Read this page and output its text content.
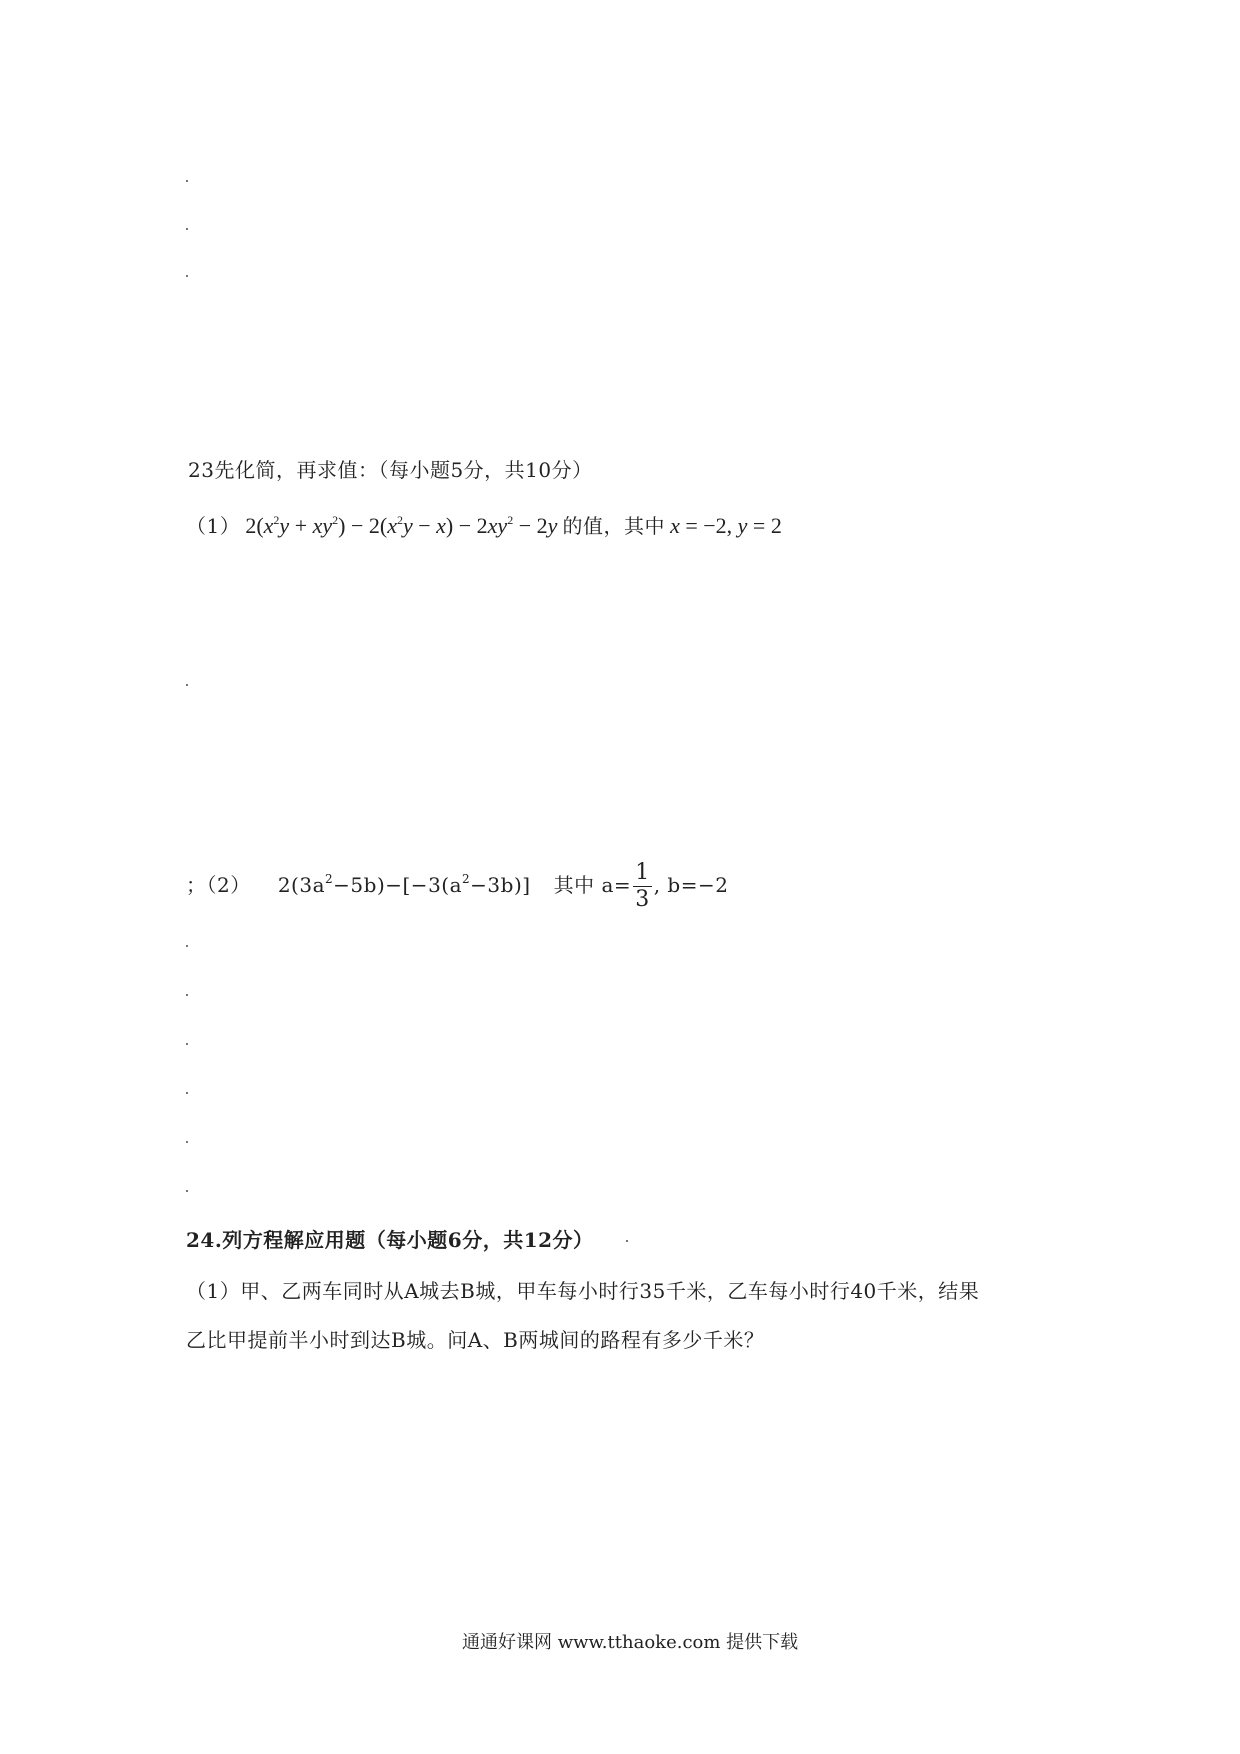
23先化简，再求值：（每小题5分，共10分）
（1） $2(x^2y + xy^2) - 2(x^2y - x) - 2xy^2 - 2y$ 的值，其中 x = −2, y = 2
；（2） $2(3a^2-5b)-[-3(a^2-3b)]$ 其中 $a= \frac{1}{3}$ , b=−2
24.列方程解应用题（每小题6分，共12分）
（1）甲、乙两车同时从A城去B城，甲车每小时行35千米，乙车每小时行40千米，结果
乙比甲提前半小时到达B城。问A、B两城间的路程有多少千米？
通通好课网 www.tthaoke.com 提供下载
